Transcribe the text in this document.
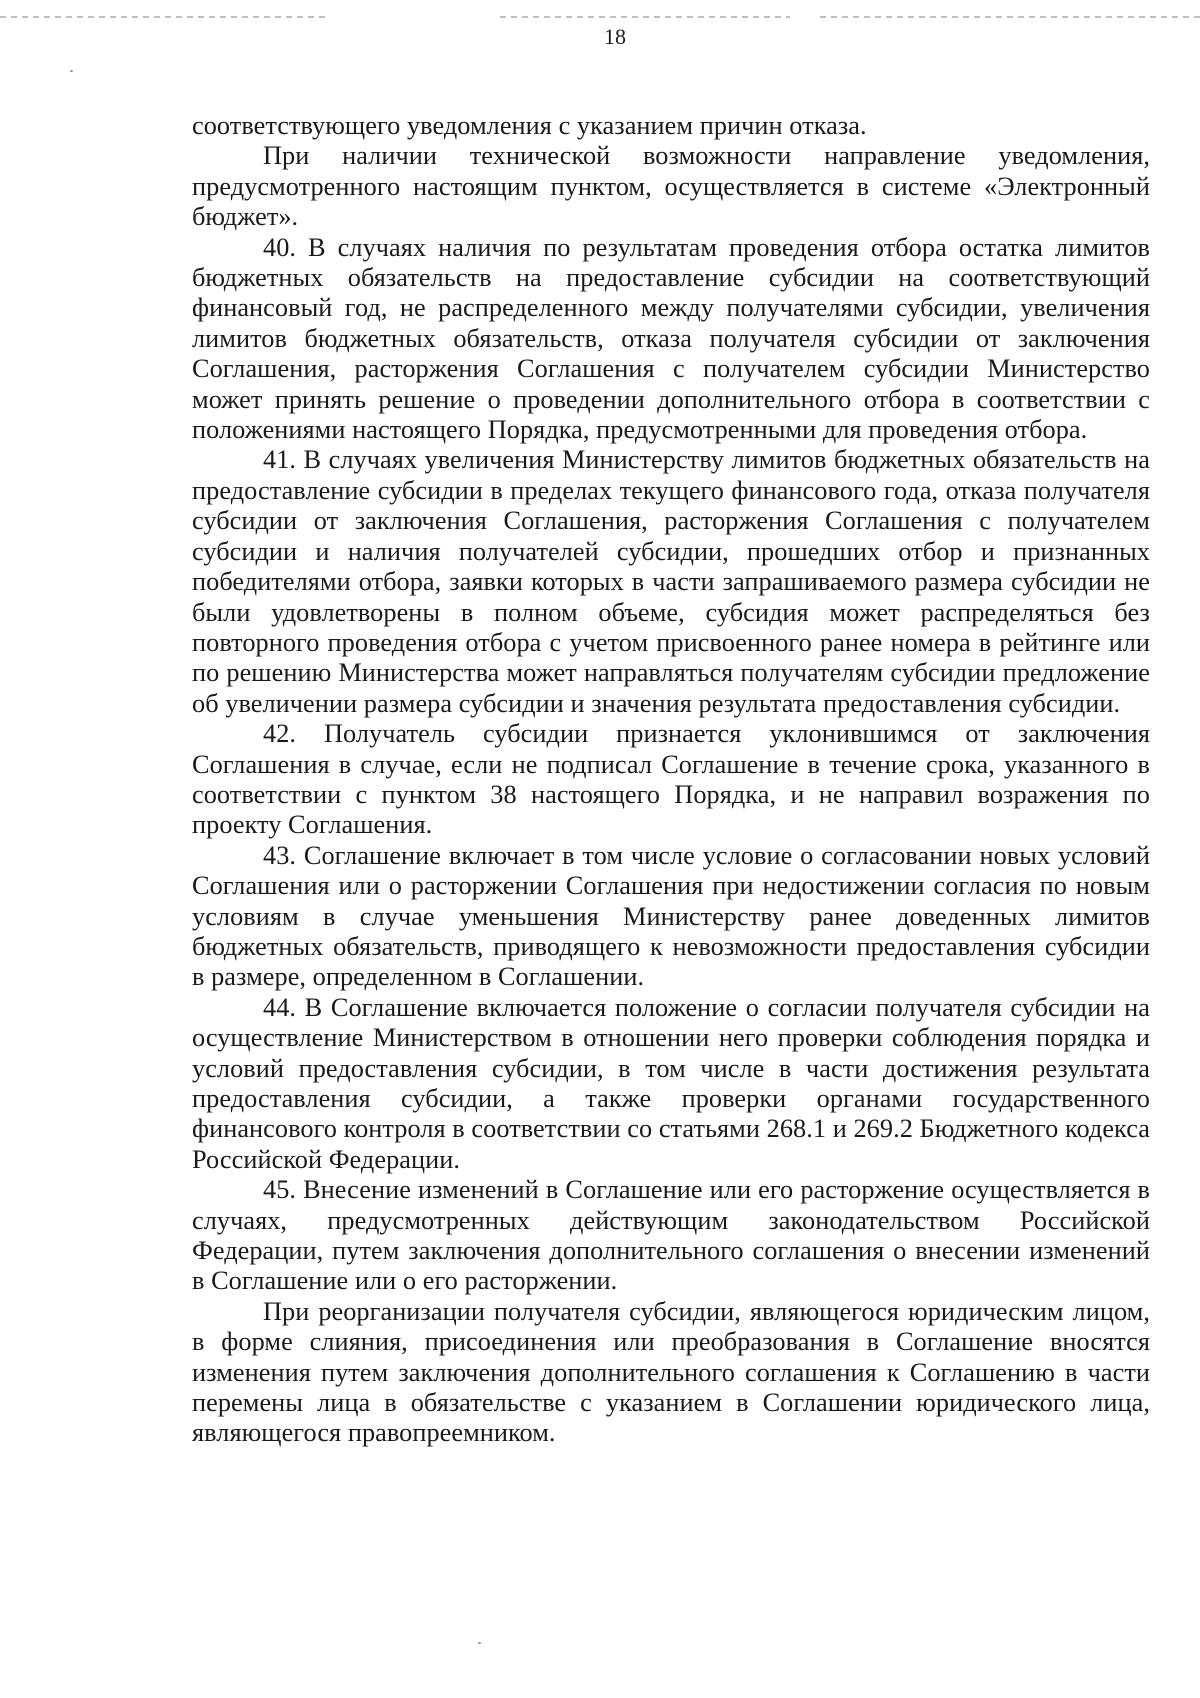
18

соответствующего уведомления с указанием причин отказа.

При наличии технической возможности направление уведомления, предусмотренного настоящим пунктом, осуществляется в системе «Электронный бюджет».

40. В случаях наличия по результатам проведения отбора остатка лимитов бюджетных обязательств на предоставление субсидии на соответствующий финансовый год, не распределенного между получателями субсидии, увеличения лимитов бюджетных обязательств, отказа получателя субсидии от заключения Соглашения, расторжения Соглашения с получателем субсидии Министерство может принять решение о проведении дополнительного отбора в соответствии с положениями настоящего Порядка, предусмотренными для проведения отбора.

41. В случаях увеличения Министерству лимитов бюджетных обязательств на предоставление субсидии в пределах текущего финансового года, отказа получателя субсидии от заключения Соглашения, расторжения Соглашения с получателем субсидии и наличия получателей субсидии, прошедших отбор и признанных победителями отбора, заявки которых в части запрашиваемого размера субсидии не были удовлетворены в полном объеме, субсидия может распределяться без повторного проведения отбора с учетом присвоенного ранее номера в рейтинге или по решению Министерства может направляться получателям субсидии предложение об увеличении размера субсидии и значения результата предоставления субсидии.

42. Получатель субсидии признается уклонившимся от заключения Соглашения в случае, если не подписал Соглашение в течение срока, указанного в соответствии с пунктом 38 настоящего Порядка, и не направил возражения по проекту Соглашения.

43. Соглашение включает в том числе условие о согласовании новых условий Соглашения или о расторжении Соглашения при недостижении согласия по новым условиям в случае уменьшения Министерству ранее доведенных лимитов бюджетных обязательств, приводящего к невозможности предоставления субсидии в размере, определенном в Соглашении.

44. В Соглашение включается положение о согласии получателя субсидии на осуществление Министерством в отношении него проверки соблюдения порядка и условий предоставления субсидии, в том числе в части достижения результата предоставления субсидии, а также проверки органами государственного финансового контроля в соответствии со статьями 268.1 и 269.2 Бюджетного кодекса Российской Федерации.

45. Внесение изменений в Соглашение или его расторжение осуществляется в случаях, предусмотренных действующим законодательством Российской Федерации, путем заключения дополнительного соглашения о внесении изменений в Соглашение или о его расторжении.

При реорганизации получателя субсидии, являющегося юридическим лицом, в форме слияния, присоединения или преобразования в Соглашение вносятся изменения путем заключения дополнительного соглашения к Соглашению в части перемены лица в обязательстве с указанием в Соглашении юридического лица, являющегося правопреемником.
